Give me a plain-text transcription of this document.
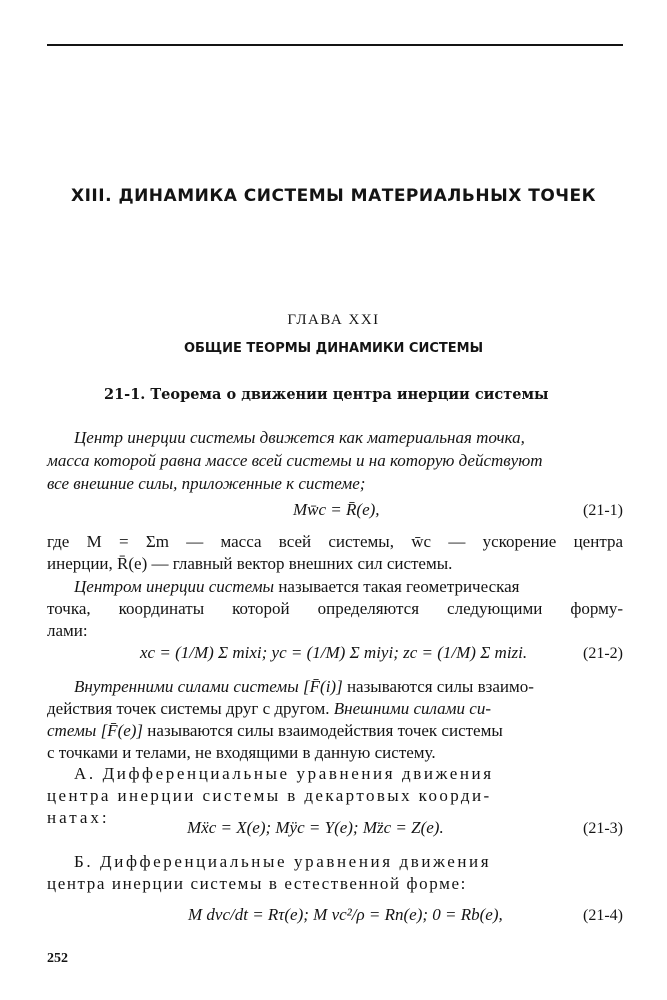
XIII. ДИНАМИКА СИСТЕМЫ МАТЕРИАЛЬНЫХ ТОЧЕК
ГЛАВА XXI
ОБЩИЕ ТЕОРМЫ ДИНАМИКИ СИСТЕМЫ
21-1. Теорема о движении центра инерции системы
Центр инерции системы движется как материальная точка,
масса которой равна массе всей системы и на которую действуют
все внешние силы, приложенные к системе;
Mw̄c = R̄(e),	(21-1)
где M = Σm — масса всей системы, w̄c — ускорение центра
инерции, R̄(e) — главный вектор внешних сил системы.
Центром инерции системы называется такая геометрическая
точка, координаты которой определяются следующими форму-
лами:
xc = (1/M) Σ mixi; yc = (1/M) Σ miyi; zc = (1/M) Σ mizi.	(21-2)
Внутренними силами системы [F̄(i)] называются силы взаимо-
действия точек системы друг с другом. Внешними силами си-
стемы [F̄(e)] называются силы взаимодействия точек системы
с точками и телами, не входящими в данную систему.
А. Дифференциальные уравнения движения
центра инерции системы в декартовых коорди-
натах:
Mẍc = X(e); Mÿc = Y(e); Mz̈c = Z(e).	(21-3)
Б. Дифференциальные уравнения движения
центра инерции системы в естественной форме:
M dvc/dt = Rτ(e); M vc²/ρ = Rn(e); 0 = Rb(e),	(21-4)
252
